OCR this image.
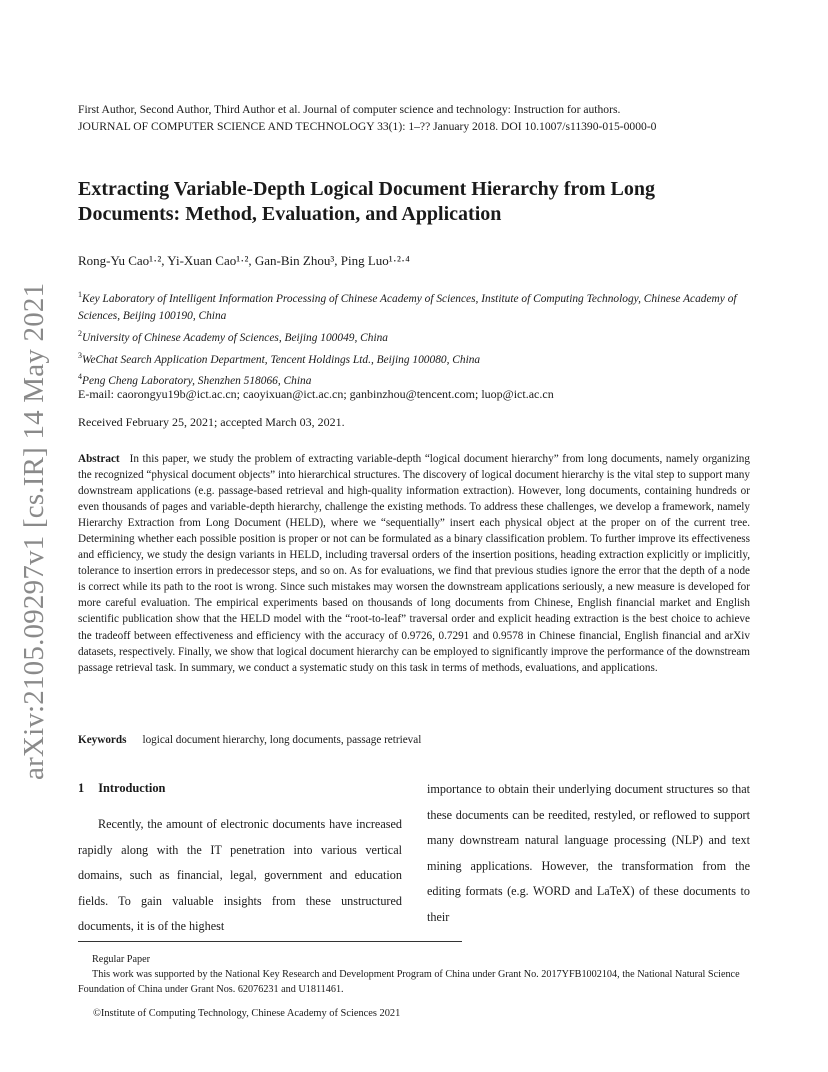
arXiv:2105.09297v1 [cs.IR] 14 May 2021
First Author, Second Author, Third Author et al. Journal of computer science and technology: Instruction for authors.
JOURNAL OF COMPUTER SCIENCE AND TECHNOLOGY 33(1): 1–?? January 2018. DOI 10.1007/s11390-015-0000-0
Extracting Variable-Depth Logical Document Hierarchy from Long Documents: Method, Evaluation, and Application
Rong-Yu Cao¹·², Yi-Xuan Cao¹·², Gan-Bin Zhou³, Ping Luo¹·²·⁴
$^1$Key Laboratory of Intelligent Information Processing of Chinese Academy of Sciences, Institute of Computing Technology, Chinese Academy of Sciences, Beijing 100190, China
$^2$University of Chinese Academy of Sciences, Beijing 100049, China
$^3$WeChat Search Application Department, Tencent Holdings Ltd., Beijing 100080, China
$^4$Peng Cheng Laboratory, Shenzhen 518066, China
E-mail: caorongyu19b@ict.ac.cn; caoyixuan@ict.ac.cn; ganbinzhou@tencent.com; luop@ict.ac.cn
Received February 25, 2021; accepted March 03, 2021.
Abstract In this paper, we study the problem of extracting variable-depth “logical document hierarchy” from long documents, namely organizing the recognized “physical document objects” into hierarchical structures. The discovery of logical document hierarchy is the vital step to support many downstream applications (e.g. passage-based retrieval and high-quality information extraction). However, long documents, containing hundreds or even thousands of pages and variable-depth hierarchy, challenge the existing methods. To address these challenges, we develop a framework, namely Hierarchy Extraction from Long Document (HELD), where we “sequentially” insert each physical object at the proper on of the current tree. Determining whether each possible position is proper or not can be formulated as a binary classification problem. To further improve its effectiveness and efficiency, we study the design variants in HELD, including traversal orders of the insertion positions, heading extraction explicitly or implicitly, tolerance to insertion errors in predecessor steps, and so on. As for evaluations, we find that previous studies ignore the error that the depth of a node is correct while its path to the root is wrong. Since such mistakes may worsen the downstream applications seriously, a new measure is developed for more careful evaluation. The empirical experiments based on thousands of long documents from Chinese, English financial market and English scientific publication show that the HELD model with the “root-to-leaf” traversal order and explicit heading extraction is the best choice to achieve the tradeoff between effectiveness and efficiency with the accuracy of 0.9726, 0.7291 and 0.9578 in Chinese financial, English financial and arXiv datasets, respectively. Finally, we show that logical document hierarchy can be employed to significantly improve the performance of the downstream passage retrieval task. In summary, we conduct a systematic study on this task in terms of methods, evaluations, and applications.
Keywords logical document hierarchy, long documents, passage retrieval
1 Introduction
Recently, the amount of electronic documents have increased rapidly along with the IT penetration into various vertical domains, such as financial, legal, government and education fields. To gain valuable insights from these unstructured documents, it is of the highest
importance to obtain their underlying document structures so that these documents can be reedited, restyled, or reflowed to support many downstream natural language processing (NLP) and text mining applications. However, the transformation from the editing formats (e.g. WORD and LaTeX) of these documents to their
Regular Paper
This work was supported by the National Key Research and Development Program of China under Grant No. 2017YFB1002104, the National Natural Science Foundation of China under Grant Nos. 62076231 and U1811461.
©Institute of Computing Technology, Chinese Academy of Sciences 2021
